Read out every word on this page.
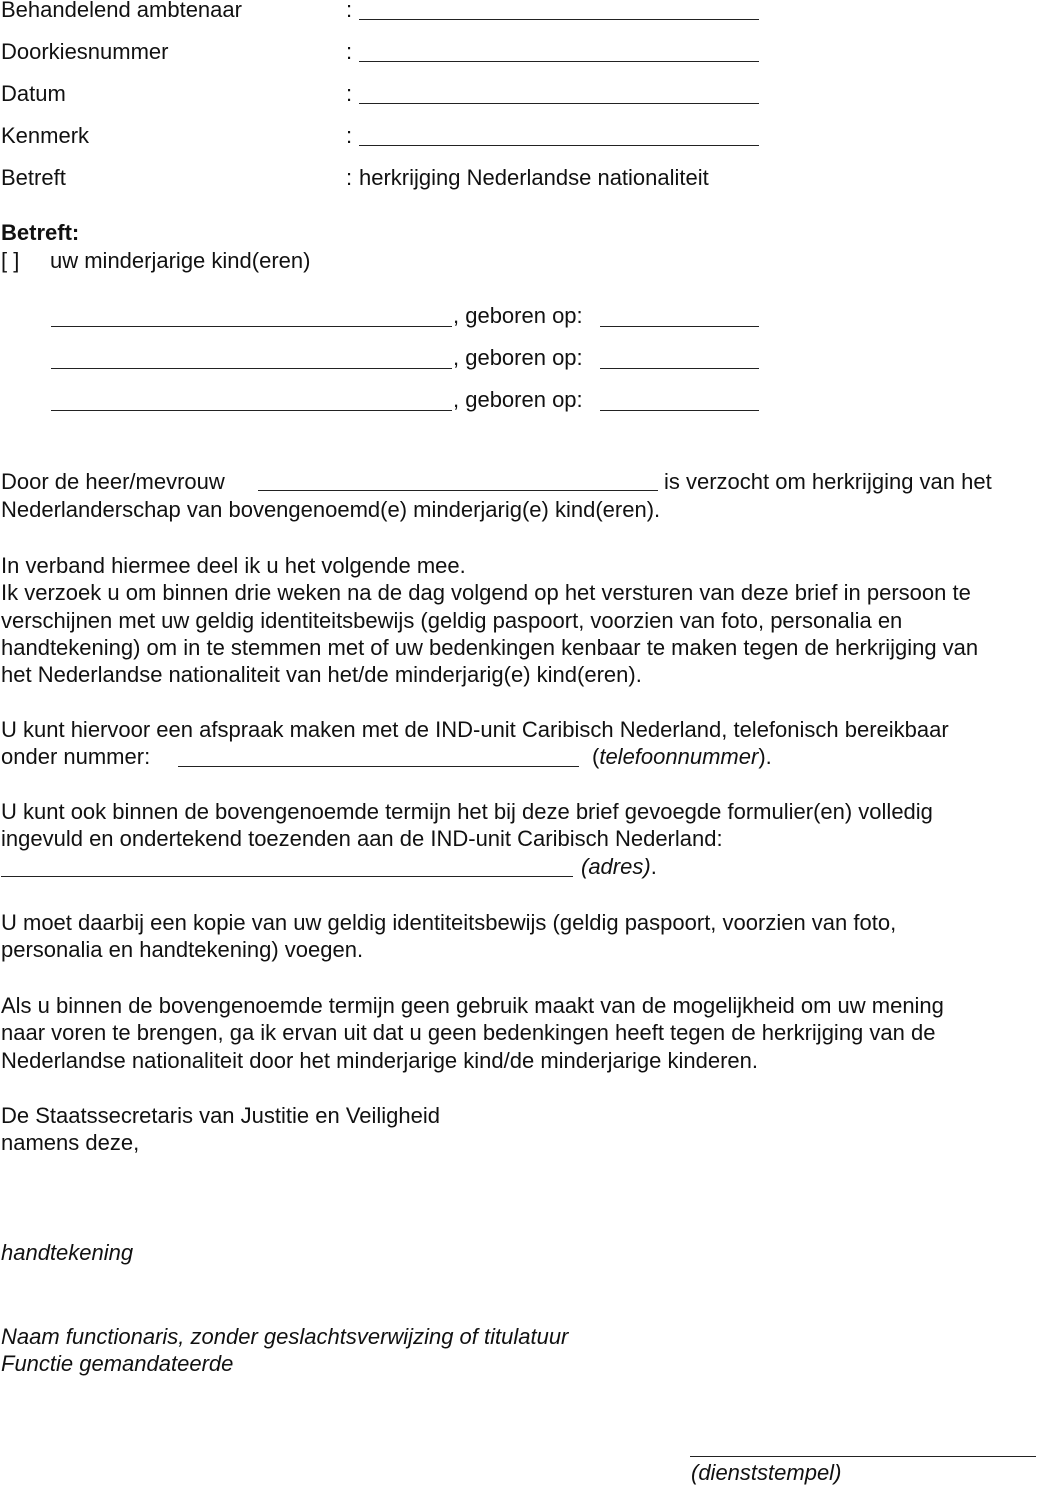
Behandelend ambtenaar	:
Doorkiesnummer	:
Datum	:
Kenmerk	:
Betreft	: herkrijging Nederlandse nationaliteit
Betreft:
[ ] uw minderjarige kind(eren)
, geboren op:
, geboren op:
, geboren op:
Door de heer/mevrouw	is verzocht om herkrijging van het
Nederlanderschap van bovengenoemd(e) minderjarig(e) kind(eren).
In verband hiermee deel ik u het volgende mee.
Ik verzoek u om binnen drie weken na de dag volgend op het versturen van deze brief in persoon te
verschijnen met uw geldig identiteitsbewijs (geldig paspoort, voorzien van foto, personalia en
handtekening) om in te stemmen met of uw bedenkingen kenbaar te maken tegen de herkrijging van
het Nederlandse nationaliteit van het/de minderjarig(e) kind(eren).
U kunt hiervoor een afspraak maken met de IND-unit Caribisch Nederland, telefonisch bereikbaar
onder nummer:	(telefoonnummer).
U kunt ook binnen de bovengenoemde termijn het bij deze brief gevoegde formulier(en) volledig
ingevuld en ondertekend toezenden aan de IND-unit Caribisch Nederland:
(adres).
U moet daarbij een kopie van uw geldig identiteitsbewijs (geldig paspoort, voorzien van foto,
personalia en handtekening) voegen.
Als u binnen de bovengenoemde termijn geen gebruik maakt van de mogelijkheid om uw mening
naar voren te brengen, ga ik ervan uit dat u geen bedenkingen heeft tegen de herkrijging van de
Nederlandse nationaliteit door het minderjarige kind/de minderjarige kinderen.
De Staatssecretaris van Justitie en Veiligheid
namens deze,
handtekening
Naam functionaris, zonder geslachtsverwijzing of titulatuur
Functie gemandateerde
(dienststempel)
